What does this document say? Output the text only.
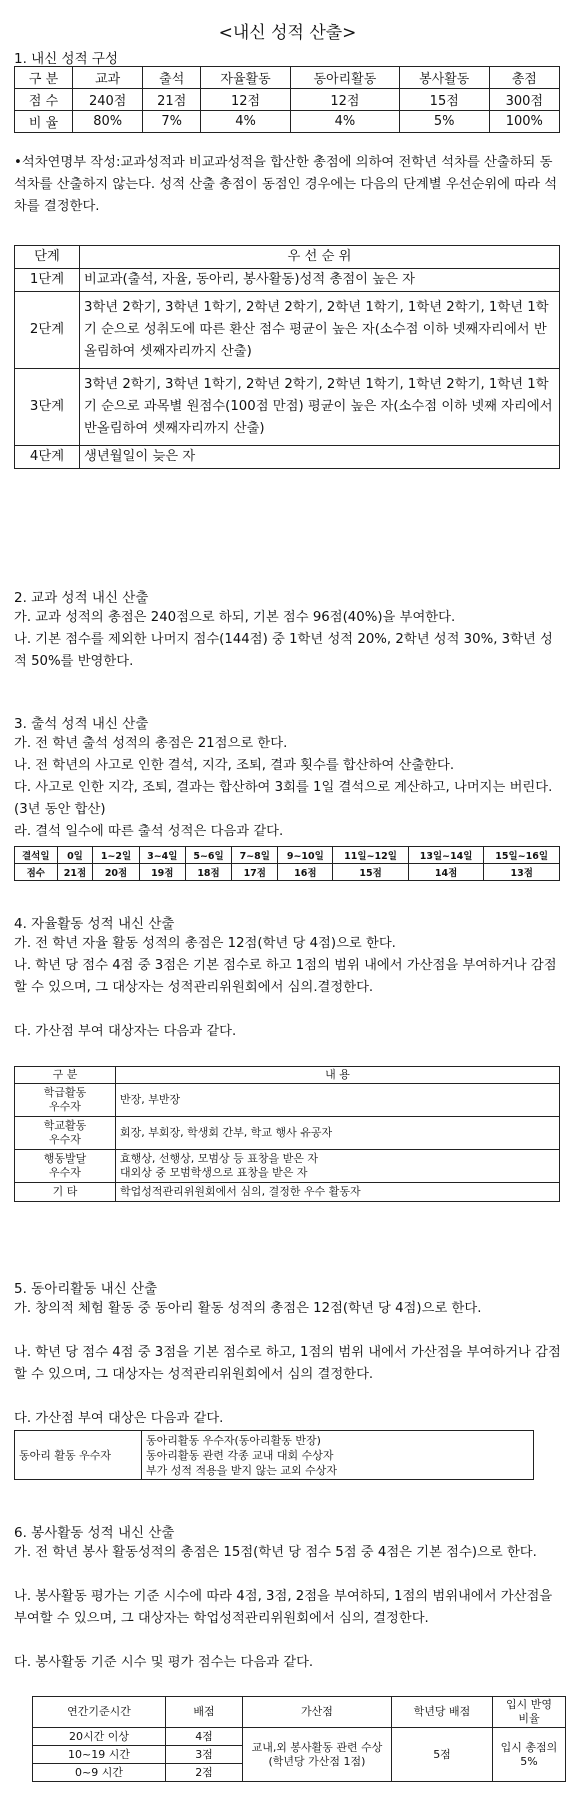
<내신 성적 산출>
1. 내신 성적 구성
구 분	교과	출석	자율활동	동아리활동	봉사활동	총점
점 수	240점	21점	12점	12점	15점	300점
비 율	80%	7%	4%	4%	5%	100%
•석차연명부 작성:교과성적과 비교과성적을 합산한 총점에 의하여 전학년 석차를 산출하되 동석차를 산출하지 않는다. 성적 산출 총점이 동점인 경우에는 다음의 단계별 우선순위에 따라 석차를 결정한다.
단계	우 선 순 위
1단계	비교과(출석, 자율, 동아리, 봉사활동)성적 총점이 높은 자
2단계	3학년 2학기, 3학년 1학기, 2학년 2학기, 2학년 1학기, 1학년 2학기, 1학년 1학기 순으로 성취도에 따른 환산 점수 평균이 높은 자(소수점 이하 넷째자리에서 반올림하여 셋째자리까지 산출)
3단계	3학년 2학기, 3학년 1학기, 2학년 2학기, 2학년 1학기, 1학년 2학기, 1학년 1학기 순으로 과목별 원점수(100점 만점) 평균이 높은 자(소수점 이하 넷째 자리에서 반올림하여 셋째자리까지 산출)
4단계	생년월일이 늦은 자
2. 교과 성적 내신 산출
가. 교과 성적의 총점은 240점으로 하되, 기본 점수 96점(40%)을 부여한다.
나. 기본 점수를 제외한 나머지 점수(144점) 중 1학년 성적 20%, 2학년 성적 30%, 3학년 성적 50%를 반영한다.
3. 출석 성적 내신 산출
가. 전 학년 출석 성적의 총점은 21점으로 한다.
나. 전 학년의 사고로 인한 결석, 지각, 조퇴, 결과 횟수를 합산하여 산출한다.
다. 사고로 인한 지각, 조퇴, 결과는 합산하여 3회를 1일 결석으로 계산하고, 나머지는 버린다.(3년 동안 합산)
라. 결석 일수에 따른 출석 성적은 다음과 같다.
결석일	0일	1~2일	3~4일	5~6일	7~8일	9~10일	11일~12일	13일~14일	15일~16일
점수	21점	20점	19점	18점	17점	16점	15점	14점	13점
4. 자율활동 성적 내신 산출
가. 전 학년 자율 활동 성적의 총점은 12점(학년 당 4점)으로 한다.
나. 학년 당 점수 4점 중 3점은 기본 점수로 하고 1점의 범위 내에서 가산점을 부여하거나 감점할 수 있으며, 그 대상자는 성적관리위원회에서 심의.결정한다.
다. 가산점 부여 대상자는 다음과 같다.
구 분	내 용
학급활동
우수자	반장, 부반장
학교활동
우수자	회장, 부회장, 학생회 간부, 학교 행사 유공자
행동발달
우수자	효행상, 선행상, 모범상 등 표창을 받은 자
대외상 중 모범학생으로 표창을 받은 자
기 타	학업성적관리위원회에서 심의, 결정한 우수 활동자
5. 동아리활동 내신 산출
가. 창의적 체험 활동 중 동아리 활동 성적의 총점은 12점(학년 당 4점)으로 한다.
나. 학년 당 점수 4점 중 3점을 기본 점수로 하고, 1점의 범위 내에서 가산점을 부여하거나 감점할 수 있으며, 그 대상자는 성적관리위원회에서 심의 결정한다.
다. 가산점 부여 대상은 다음과 같다.
동아리 활동 우수자	동아리활동 우수자(동아리활동 반장)
동아리활동 관련 각종 교내 대회 수상자
부가 성적 적용을 받지 않는 교외 수상자
6. 봉사활동 성적 내신 산출
가. 전 학년 봉사 활동성적의 총점은 15점(학년 당 점수 5점 중 4점은 기본 점수)으로 한다.
나. 봉사활동 평가는 기준 시수에 따라 4점, 3점, 2점을 부여하되, 1점의 범위내에서 가산점을 부여할 수 있으며, 그 대상자는 학업성적관리위원회에서 심의, 결정한다.
다. 봉사활동 기준 시수 및 평가 점수는 다음과 같다.
연간기준시간	배점	가산점	학년당 배점	입시 반영
비율
20시간 이상	4점	교내,외 봉사활동 관련 수상
(학년당 가산점 1점)	5점	입시 총점의 5%
10~19 시간	3점			
0~9 시간	2점			
